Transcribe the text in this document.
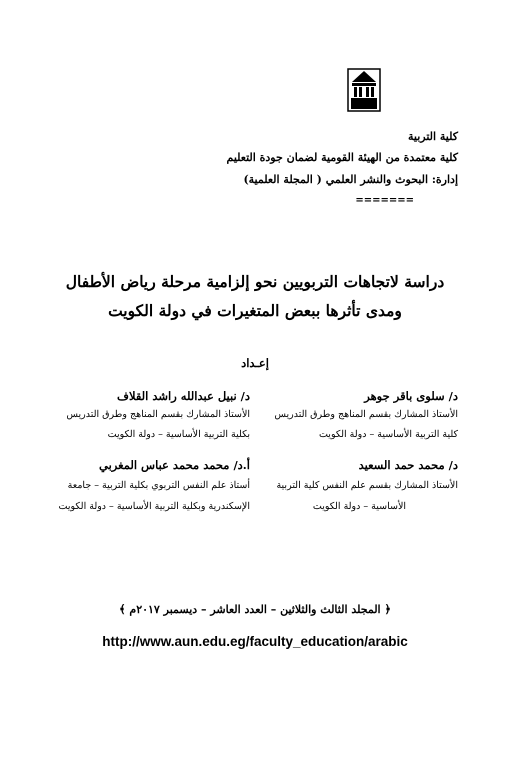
كلية التربية
كلية معتمدة من الهيئة القومية لضمان جودة التعليم
إدارة: البحوث والنشر العلمي ( المجلة العلمية)
=======
دراسة لاتجاهات التربويين نحو إلزامية مرحلة رياض الأطفال
ومدى تأثرها ببعض المتغيرات في دولة الكويت
إعـداد
د/ سلوى باقر جوهر
الأستاذ المشارك بقسم المناهج وطرق التدريس
كلية التربية الأساسية – دولة الكويت
د/ محمد حمد السعيد
الأستاذ المشارك بقسم علم النفس كلية التربية
الأساسية – دولة الكويت
د/ نبيل عبدالله راشد القلاف
الأستاذ المشارك بقسم المناهج وطرق التدريس
بكلية التربية الأساسية – دولة الكويت
أ.د/ محمد محمد عباس المغربي
أستاذ علم النفس التربوي بكلية التربية – جامعة
الإسكندرية وبكلية التربية الأساسية – دولة الكويت
﴿ المجلد الثالث والثلاثين – العدد العاشر – ديسمبر ٢٠١٧م ﴾
http://www.aun.edu.eg/faculty_education/arabic
